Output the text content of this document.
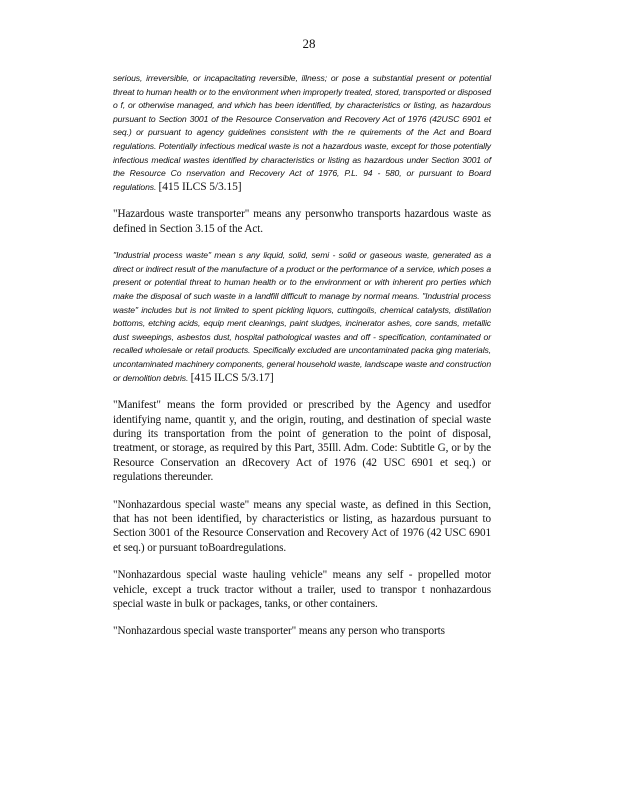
28

serious, irreversible, or incapacitating reversible, illness; or pose a substantial present or potential threat to human health or to the environment when improperly treated, stored, transported or disposed o f, or otherwise managed, and which has been identified, by characteristics or listing, as hazardous pursuant to Section 3001 of the Resource Conservation and Recovery Act of 1976 (42USC 6901 et seq.) or pursuant to agency guidelines consistent with the re quirements of the Act and Board regulations. Potentially infectious medical waste is not a hazardous waste, except for those potentially infectious medical wastes identified by characteristics or listing as hazardous under Section 3001 of the Resource Co nservation and Recovery Act of 1976, P.L. 94 - 580, or pursuant to Board regulations. [415 ILCS 5/3.15]

"Hazardous waste transporter" means any personwho transports hazardous waste as defined in Section 3.15 of the Act.

"Industrial process waste" mean s any liquid, solid, semi - solid or gaseous waste, generated as a direct or indirect result of the manufacture of a product or the performance of a service, which poses a present or potential threat to human health or to the environment or with inherent pro perties which make the disposal of such waste in a landfill difficult to manage by normal means. "Industrial process waste" includes but is not limited to spent pickling liquors, cuttingoils, chemical catalysts, distillation bottoms, etching acids, equip ment cleanings, paint sludges, incinerator ashes, core sands, metallic dust sweepings, asbestos dust, hospital pathological wastes and off - specification, contaminated or recalled wholesale or retail products. Specifically excluded are uncontaminated packa ging materials, uncontaminated machinery components, general household waste, landscape waste and construction or demolition debris. [415 ILCS 5/3.17]

"Manifest" means the form provided or prescribed by the Agency and usedfor identifying name, quantit y, and the origin, routing, and destination of special waste during its transportation from the point of generation to the point of disposal, treatment, or storage, as required by this Part, 35Ill. Adm. Code: Subtitle G, or by the Resource Conservation an dRecovery Act of 1976 (42 USC 6901 et seq.) or regulations thereunder.

"Nonhazardous special waste" means any special waste, as defined in this Section, that has not been identified, by characteristics or listing, as hazardous pursuant to Section 3001 of the Resource Conservation and Recovery Act of 1976 (42 USC 6901 et seq.) or pursuant toBoardregulations.

"Nonhazardous special waste hauling vehicle" means any self - propelled motor vehicle, except a truck tractor without a trailer, used to transpor t nonhazardous special waste in bulk or packages, tanks, or other containers.

"Nonhazardous special waste transporter" means any person who transports
